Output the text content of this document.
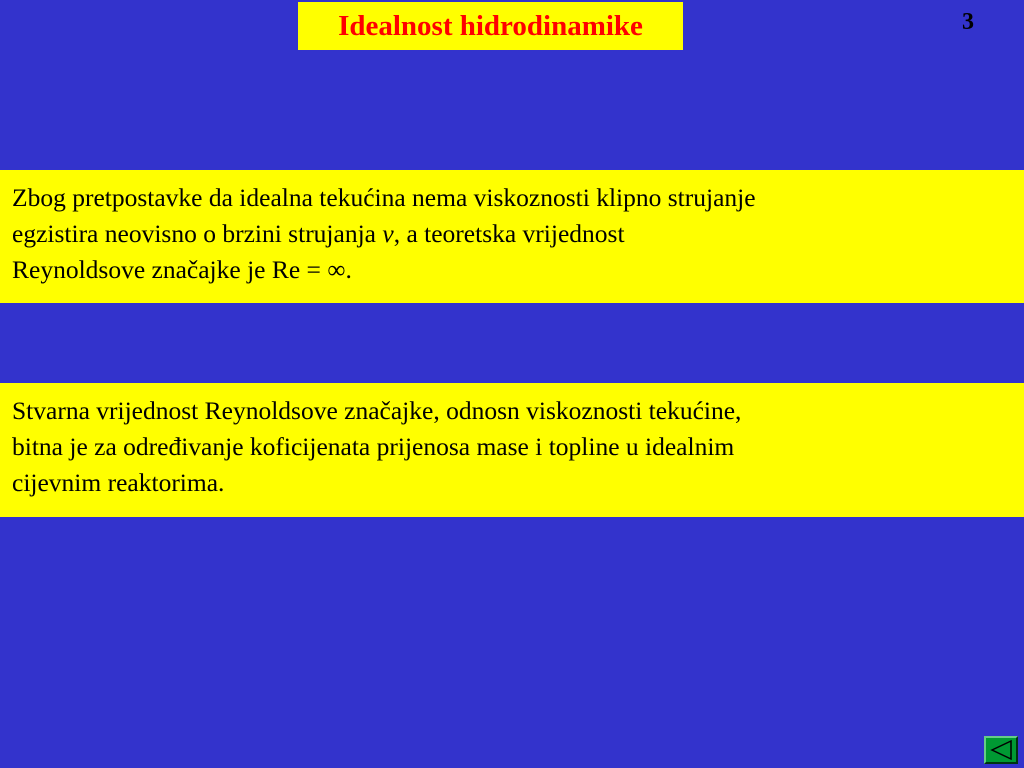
Idealnost hidrodinamike	3
Zbog pretpostavke da idealna tekućina nema viskoznosti klipno strujanje
egzistira neovisno o brzini strujanja v, a teoretska vrijednost
Reynoldsove značajke je Re = ∞.
Stvarna vrijednost Reynoldsove značajke, odnosn viskoznosti tekućine,
bitna je za određivanje koficijenata prijenosa mase i topline u idealnim
cijevnim reaktorima.
